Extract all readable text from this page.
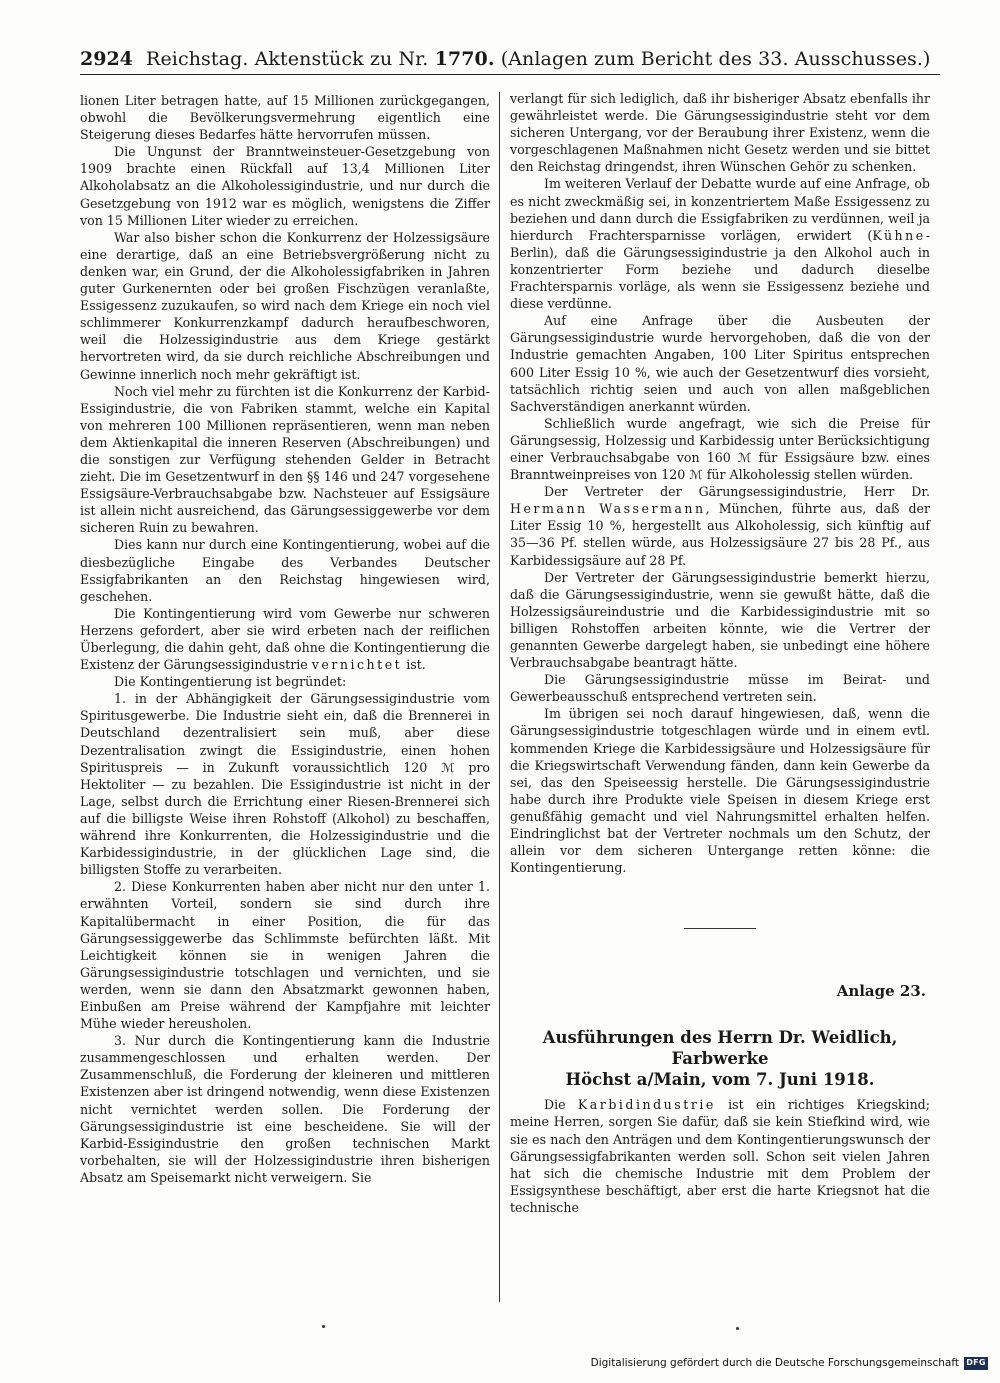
2924 Reichstag. Aktenstück zu Nr. 1770. (Anlagen zum Bericht des 33. Ausschusses.)

lionen Liter betragen hatte, auf 15 Millionen zurückgegangen, obwohl die Bevölkerungsvermehrung eigentlich eine Steigerung dieses Bedarfes hätte hervorrufen müssen.

Die Ungunst der Branntweinsteuer-Gesetzgebung von 1909 brachte einen Rückfall auf 13,4 Millionen Liter Alkoholabsatz an die Alkoholessigindustrie, und nur durch die Gesetzgebung von 1912 war es möglich, wenigstens die Ziffer von 15 Millionen Liter wieder zu erreichen.

War also bisher schon die Konkurrenz der Holzessigsäure eine derartige, daß an eine Betriebsvergrößerung nicht zu denken war, ein Grund, der die Alkoholessigfabriken in Jahren guter Gurkenernten oder bei großen Fischzügen veranlaßte, Essigessenz zuzukaufen, so wird nach dem Kriege ein noch viel schlimmerer Konkurrenzkampf dadurch heraufbeschworen, weil die Holzessigindustrie aus dem Kriege gestärkt hervortreten wird, da sie durch reichliche Abschreibungen und Gewinne innerlich noch mehr gekräftigt ist.

Noch viel mehr zu fürchten ist die Konkurrenz der Karbid-Essigindustrie, die von Fabriken stammt, welche ein Kapital von mehreren 100 Millionen repräsentieren, wenn man neben dem Aktienkapital die inneren Reserven (Abschreibungen) und die sonstigen zur Verfügung stehenden Gelder in Betracht zieht. Die im Gesetzentwurf in den §§ 146 und 247 vorgesehene Essigsäure-Verbrauchsabgabe bzw. Nachsteuer auf Essigsäure ist allein nicht ausreichend, das Gärungsessiggewerbe vor dem sicheren Ruin zu bewahren.

Dies kann nur durch eine Kontingentierung, wobei auf die diesbezügliche Eingabe des Verbandes Deutscher Essigfabrikanten an den Reichstag hingewiesen wird, geschehen.

Die Kontingentierung wird vom Gewerbe nur schweren Herzens gefordert, aber sie wird erbeten nach der reiflichen Überlegung, die dahin geht, daß ohne die Kontingentierung die Existenz der Gärungsessigindustrie vernichtet ist.

Die Kontingentierung ist begründet:

1. in der Abhängigkeit der Gärungsessigindustrie vom Spiritusgewerbe. Die Industrie sieht ein, daß die Brennerei in Deutschland dezentralisiert sein muß, aber diese Dezentralisation zwingt die Essigindustrie, einen hohen Spirituspreis — in Zukunft voraussichtlich 120 ℳ pro Hektoliter — zu bezahlen. Die Essigindustrie ist nicht in der Lage, selbst durch die Errichtung einer Riesen-Brennerei sich auf die billigste Weise ihren Rohstoff (Alkohol) zu beschaffen, während ihre Konkurrenten, die Holzessigindustrie und die Karbidessigindustrie, in der glücklichen Lage sind, die billigsten Stoffe zu verarbeiten.

2. Diese Konkurrenten haben aber nicht nur den unter 1. erwähnten Vorteil, sondern sie sind durch ihre Kapitalübermacht in einer Position, die für das Gärungsessiggewerbe das Schlimmste befürchten läßt. Mit Leichtigkeit können sie in wenigen Jahren die Gärungsessigindustrie totschlagen und vernichten, und sie werden, wenn sie dann den Absatzmarkt gewonnen haben, Einbußen am Preise während der Kampfjahre mit leichter Mühe wieder hereusholen.

3. Nur durch die Kontingentierung kann die Industrie zusammengeschlossen und erhalten werden. Der Zusammenschluß, die Forderung der kleineren und mittleren Existenzen aber ist dringend notwendig, wenn diese Existenzen nicht vernichtet werden sollen. Die Forderung der Gärungsessigindustrie ist eine bescheidene. Sie will der Karbid-Essigindustrie den großen technischen Markt vorbehalten, sie will der Holzessigindustrie ihren bisherigen Absatz am Speisemarkt nicht verweigern. Sie

verlangt für sich lediglich, daß ihr bisheriger Absatz ebenfalls ihr gewährleistet werde. Die Gärungsessigindustrie steht vor dem sicheren Untergang, vor der Beraubung ihrer Existenz, wenn die vorgeschlagenen Maßnahmen nicht Gesetz werden und sie bittet den Reichstag dringendst, ihren Wünschen Gehör zu schenken.

Im weiteren Verlauf der Debatte wurde auf eine Anfrage, ob es nicht zweckmäßig sei, in konzentriertem Maße Essigessenz zu beziehen und dann durch die Essigfabriken zu verdünnen, weil ja hierdurch Frachtersparnisse vorlägen, erwidert (Kühne-Berlin), daß die Gärungsessigindustrie ja den Alkohol auch in konzentrierter Form beziehe und dadurch dieselbe Frachtersparnis vorläge, als wenn sie Essigessenz beziehe und diese verdünne.

Auf eine Anfrage über die Ausbeuten der Gärungsessigindustrie wurde hervorgehoben, daß die von der Industrie gemachten Angaben, 100 Liter Spiritus entsprechen 600 Liter Essig 10 %, wie auch der Gesetzentwurf dies vorsieht, tatsächlich richtig seien und auch von allen maßgeblichen Sachverständigen anerkannt würden.

Schließlich wurde angefragt, wie sich die Preise für Gärungsessig, Holzessig und Karbidessig unter Berücksichtigung einer Verbrauchsabgabe von 160 ℳ für Essigsäure bzw. eines Branntweinpreises von 120 ℳ für Alkoholessig stellen würden.

Der Vertreter der Gärungsessigindustrie, Herr Dr. Hermann Wassermann, München, führte aus, daß der Liter Essig 10 %, hergestellt aus Alkoholessig, sich künftig auf 35—36 Pf. stellen würde, aus Holzessigsäure 27 bis 28 Pf., aus Karbidessigsäure auf 28 Pf.

Der Vertreter der Gärungsessigindustrie bemerkt hierzu, daß die Gärungsessigindustrie, wenn sie gewußt hätte, daß die Holzessigsäureindustrie und die Karbidessigindustrie mit so billigen Rohstoffen arbeiten könnte, wie die Vertrer der genannten Gewerbe dargelegt haben, sie unbedingt eine höhere Verbrauchsabgabe beantragt hätte.

Die Gärungsessigindustrie müsse im Beirat- und Gewerbeausschuß entsprechend vertreten sein.

Im übrigen sei noch darauf hingewiesen, daß, wenn die Gärungsessigindustrie totgeschlagen würde und in einem evtl. kommenden Kriege die Karbidessigsäure und Holzessigsäure für die Kriegswirtschaft Verwendung fänden, dann kein Gewerbe da sei, das den Speiseessig herstelle. Die Gärungsessigindustrie habe durch ihre Produkte viele Speisen in diesem Kriege erst genußfähig gemacht und viel Nahrungsmittel erhalten helfen. Eindringlichst bat der Vertreter nochmals um den Schutz, der allein vor dem sicheren Untergange retten könne: die Kontingentierung.

Anlage 23.
Ausführungen des Herrn Dr. Weidlich, Farbwerke
Höchst a/Main, vom 7. Juni 1918.

Die Karbidindustrie ist ein richtiges Kriegskind; meine Herren, sorgen Sie dafür, daß sie kein Stiefkind wird, wie sie es nach den Anträgen und dem Kontingentierungswunsch der Gärungsessigfabrikanten werden soll. Schon seit vielen Jahren hat sich die chemische Industrie mit dem Problem der Essigsynthese beschäftigt, aber erst die harte Kriegsnot hat die technische

Digitalisierung gefördert durch die Deutsche Forschungsgemeinschaft DFG
